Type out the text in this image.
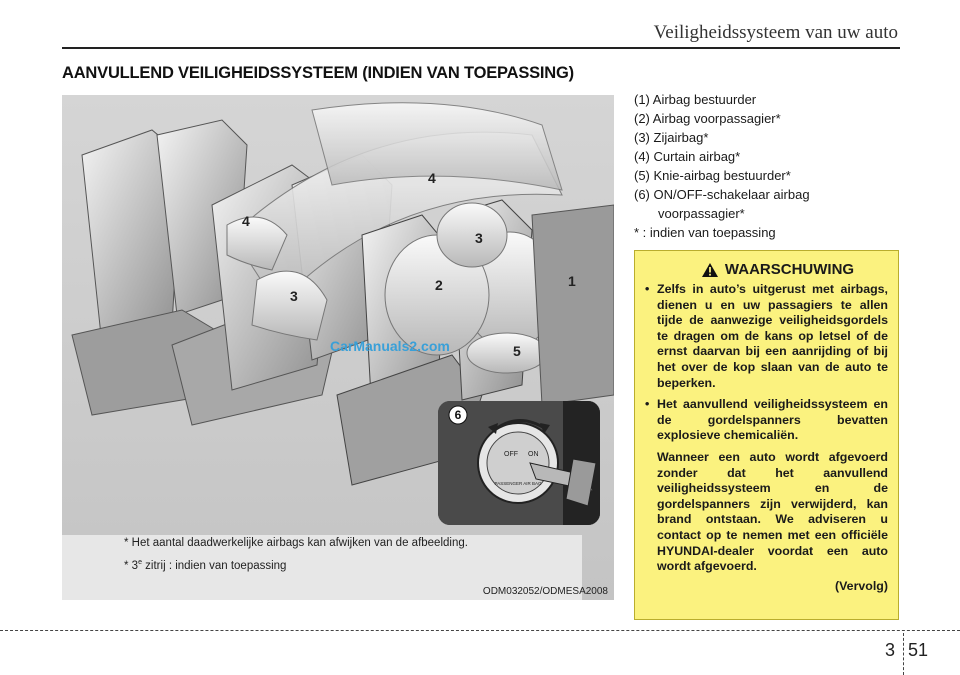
Veiligheidssysteem van uw auto
AANVULLEND VEILIGHEIDSSYSTEEM (INDIEN VAN TOEPASSING)
1
2
3
3
4
4
5
CarManuals2.com
6
OFF ON
PASSENGER AIR BAG
* Het aantal daadwerkelijke airbags kan afwijken van de afbeelding.
* 3e zitrij : indien van toepassing
ODM032052/ODMESA2008
(1) Airbag bestuurder
(2) Airbag voorpassagier*
(3) Zijairbag*
(4) Curtain airbag*
(5) Knie-airbag bestuurder*
(6) ON/OFF-schakelaar airbag
voorpassagier*
* : indien van toepassing
WAARSCHUWING
• Zelfs in auto’s uitgerust met airbags, dienen u en uw passagiers te allen tijde de aanwezige veiligheidsgordels te dragen om de kans op letsel of de ernst daarvan bij een aanrijding of bij het over de kop slaan van de auto te beperken.
• Het aanvullend veiligheidssysteem en de gordelspanners bevatten explosieve chemicaliën.
Wanneer een auto wordt afgevoerd zonder dat het aanvullend veiligheidssysteem en de gordelspanners zijn verwijderd, kan brand ontstaan. We adviseren u contact op te nemen met een officiële HYUNDAI-dealer voordat een auto wordt afgevoerd.
(Vervolg)
3 51
